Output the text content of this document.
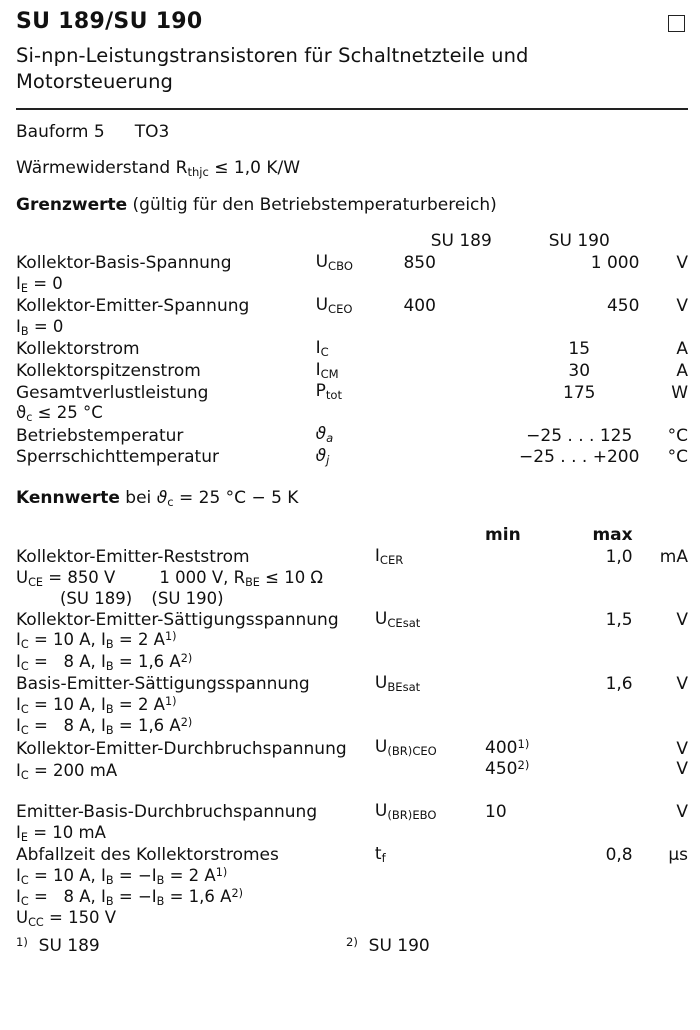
SU 189/SU 190
Si-npn-Leistungstransistoren für Schaltnetzteile und
Motorsteuerung
Bauform 5 TO3
Wärmewiderstand $R_{thjc} \le 1,0$ K/W
Grenzwerte (gültig für den Betriebstemperaturbereich)
		SU 189	SU 190	
Kollektor-Basis-Spannung	$U_{CBO}$	850	1 000	V
$I_E = 0$				
Kollektor-Emitter-Spannung	$U_{CEO}$	400	450	V
$I_B = 0$				
Kollektorstrom	$I_C$		15	A
Kollektorspitzenstrom	$I_{CM}$		30	A
Gesamtverlustleistung	$P_{tot}$		175	W
$ϑ_c \le 25$ °C				
Betriebstemperatur	$ϑ_a$		−25 . . . 125	°C
Sperrschichttemperatur	$ϑ_j$		−25 . . . +200	°C
Kennwerte bei $ϑ_c = 25$ °C − 5 K
		min	max	
Kollektor-Emitter-Reststrom	$I_{CER}$		1,0	mA
$U_{CE} = 850$ V 1 000 V, $R_{BE} \le 10$ Ω				
(SU 189) (SU 190)				
Kollektor-Emitter-Sättigungsspannung	$U_{CEsat}$		1,5	V
$I_C = 10$ A, $I_B = 2$ $A^{1)}$
$I_C = 8$ A, $I_B = 1,6$ $A^{2)}$
Basis-Emitter-Sättigungsspannung	$U_{BEsat}$		1,6	V
$I_C = 10$ A, $I_B = 2$ $A^{1)}$
$I_C = 8$ A, $I_B = 1,6$ $A^{2)}$
Kollektor-Emitter-Durchbruchspannung	$U_{(BR)CEO}$	400$^{1)}$		V
		450$^{2)}$		V
$I_C = 200$ mA				
Emitter-Basis-Durchbruchspannung	$U_{(BR)EBO}$	10		V
$I_E = 10$ mA				
Abfallzeit des Kollektorstromes	$t_f$		0,8	µs
$I_C = 10$ A, $I_B = -I_B = 2$ $A^{1)}$
$I_C = 8$ A, $I_B = -I_B = 1,6$ $A^{2)}$
$U_{CC} = 150$ V				
$^{1)}$  SU 189	$^{2)}$  SU 190
